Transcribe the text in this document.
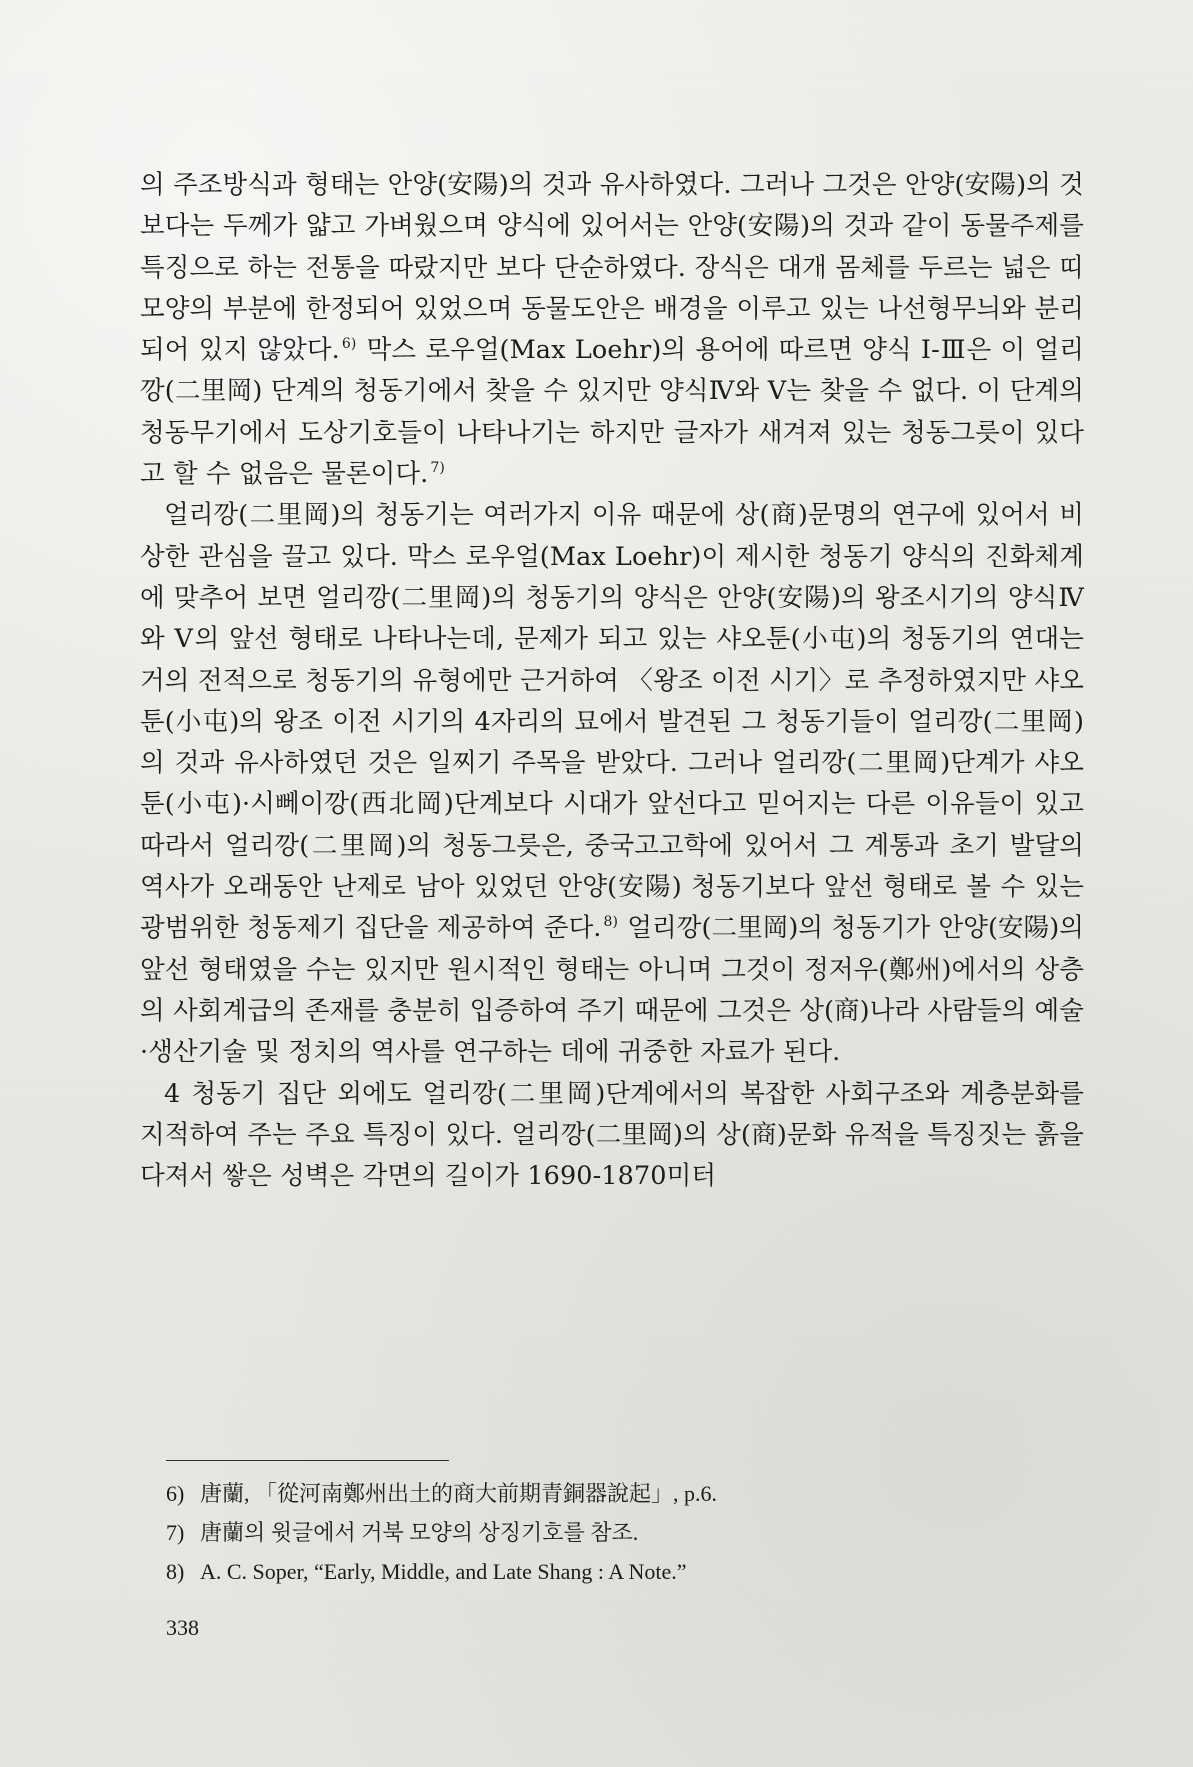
의 주조방식과 형태는 안양(安陽)의 것과 유사하였다. 그러나 그것은 안양(安陽)의 것보다는 두께가 얇고 가벼웠으며 양식에 있어서는 안양(安陽)의 것과 같이 동물주제를 특징으로 하는 전통을 따랐지만 보다 단순하였다. 장식은 대개 몸체를 두르는 넓은 띠모양의 부분에 한정되어 있었으며 동물도안은 배경을 이루고 있는 나선형무늬와 분리되어 있지 않았다. $^{6)}$ 막스 로우얼(Max Loehr)의 용어에 따르면 양식 I-Ⅲ은 이 얼리깡(二里岡) 단계의 청동기에서 찾을 수 있지만 양식Ⅳ와 Ⅴ는 찾을 수 없다. 이 단계의 청동무기에서 도상기호들이 나타나기는 하지만 글자가 새겨져 있는 청동그릇이 있다고 할 수 없음은 물론이다. $^{7)}$

얼리깡(二里岡)의 청동기는 여러가지 이유 때문에 상(商)문명의 연구에 있어서 비상한 관심을 끌고 있다. 막스 로우얼(Max Loehr)이 제시한 청동기 양식의 진화체계에 맞추어 보면 얼리깡(二里岡)의 청동기의 양식은 안양(安陽)의 왕조시기의 양식Ⅳ와 Ⅴ의 앞선 형태로 나타나는데, 문제가 되고 있는 샤오툰(小屯)의 청동기의 연대는 거의 전적으로 청동기의 유형에만 근거하여 〈왕조 이전 시기〉로 추정하였지만 샤오툰(小屯)의 왕조 이전 시기의 4자리의 묘에서 발견된 그 청동기들이 얼리깡(二里岡)의 것과 유사하였던 것은 일찌기 주목을 받았다. 그러나 얼리깡(二里岡)단계가 샤오툰(小屯)·시뻬이깡(西北岡)단계보다 시대가 앞선다고 믿어지는 다른 이유들이 있고 따라서 얼리깡(二里岡)의 청동그릇은, 중국고고학에 있어서 그 계통과 초기 발달의 역사가 오래동안 난제로 남아 있었던 안양(安陽) 청동기보다 앞선 형태로 볼 수 있는 광범위한 청동제기 집단을 제공하여 준다. $^{8)}$ 얼리깡(二里岡)의 청동기가 안양(安陽)의 앞선 형태였을 수는 있지만 원시적인 형태는 아니며 그것이 정저우(鄭州)에서의 상층의 사회계급의 존재를 충분히 입증하여 주기 때문에 그것은 상(商)나라 사람들의 예술·생산기술 및 정치의 역사를 연구하는 데에 귀중한 자료가 된다.

4 청동기 집단 외에도 얼리깡(二里岡)단계에서의 복잡한 사회구조와 계층분화를 지적하여 주는 주요 특징이 있다. 얼리깡(二里岡)의 상(商)문화 유적을 특징짓는 흙을 다져서 쌓은 성벽은 각면의 길이가 1690-1870미터

6) 唐蘭, 「從河南鄭州出土的商大前期青銅器說起」, p.6.
7) 唐蘭의 윗글에서 거북 모양의 상징기호를 참조.
8) A. C. Soper, “Early, Middle, and Late Shang : A Note.”
338
